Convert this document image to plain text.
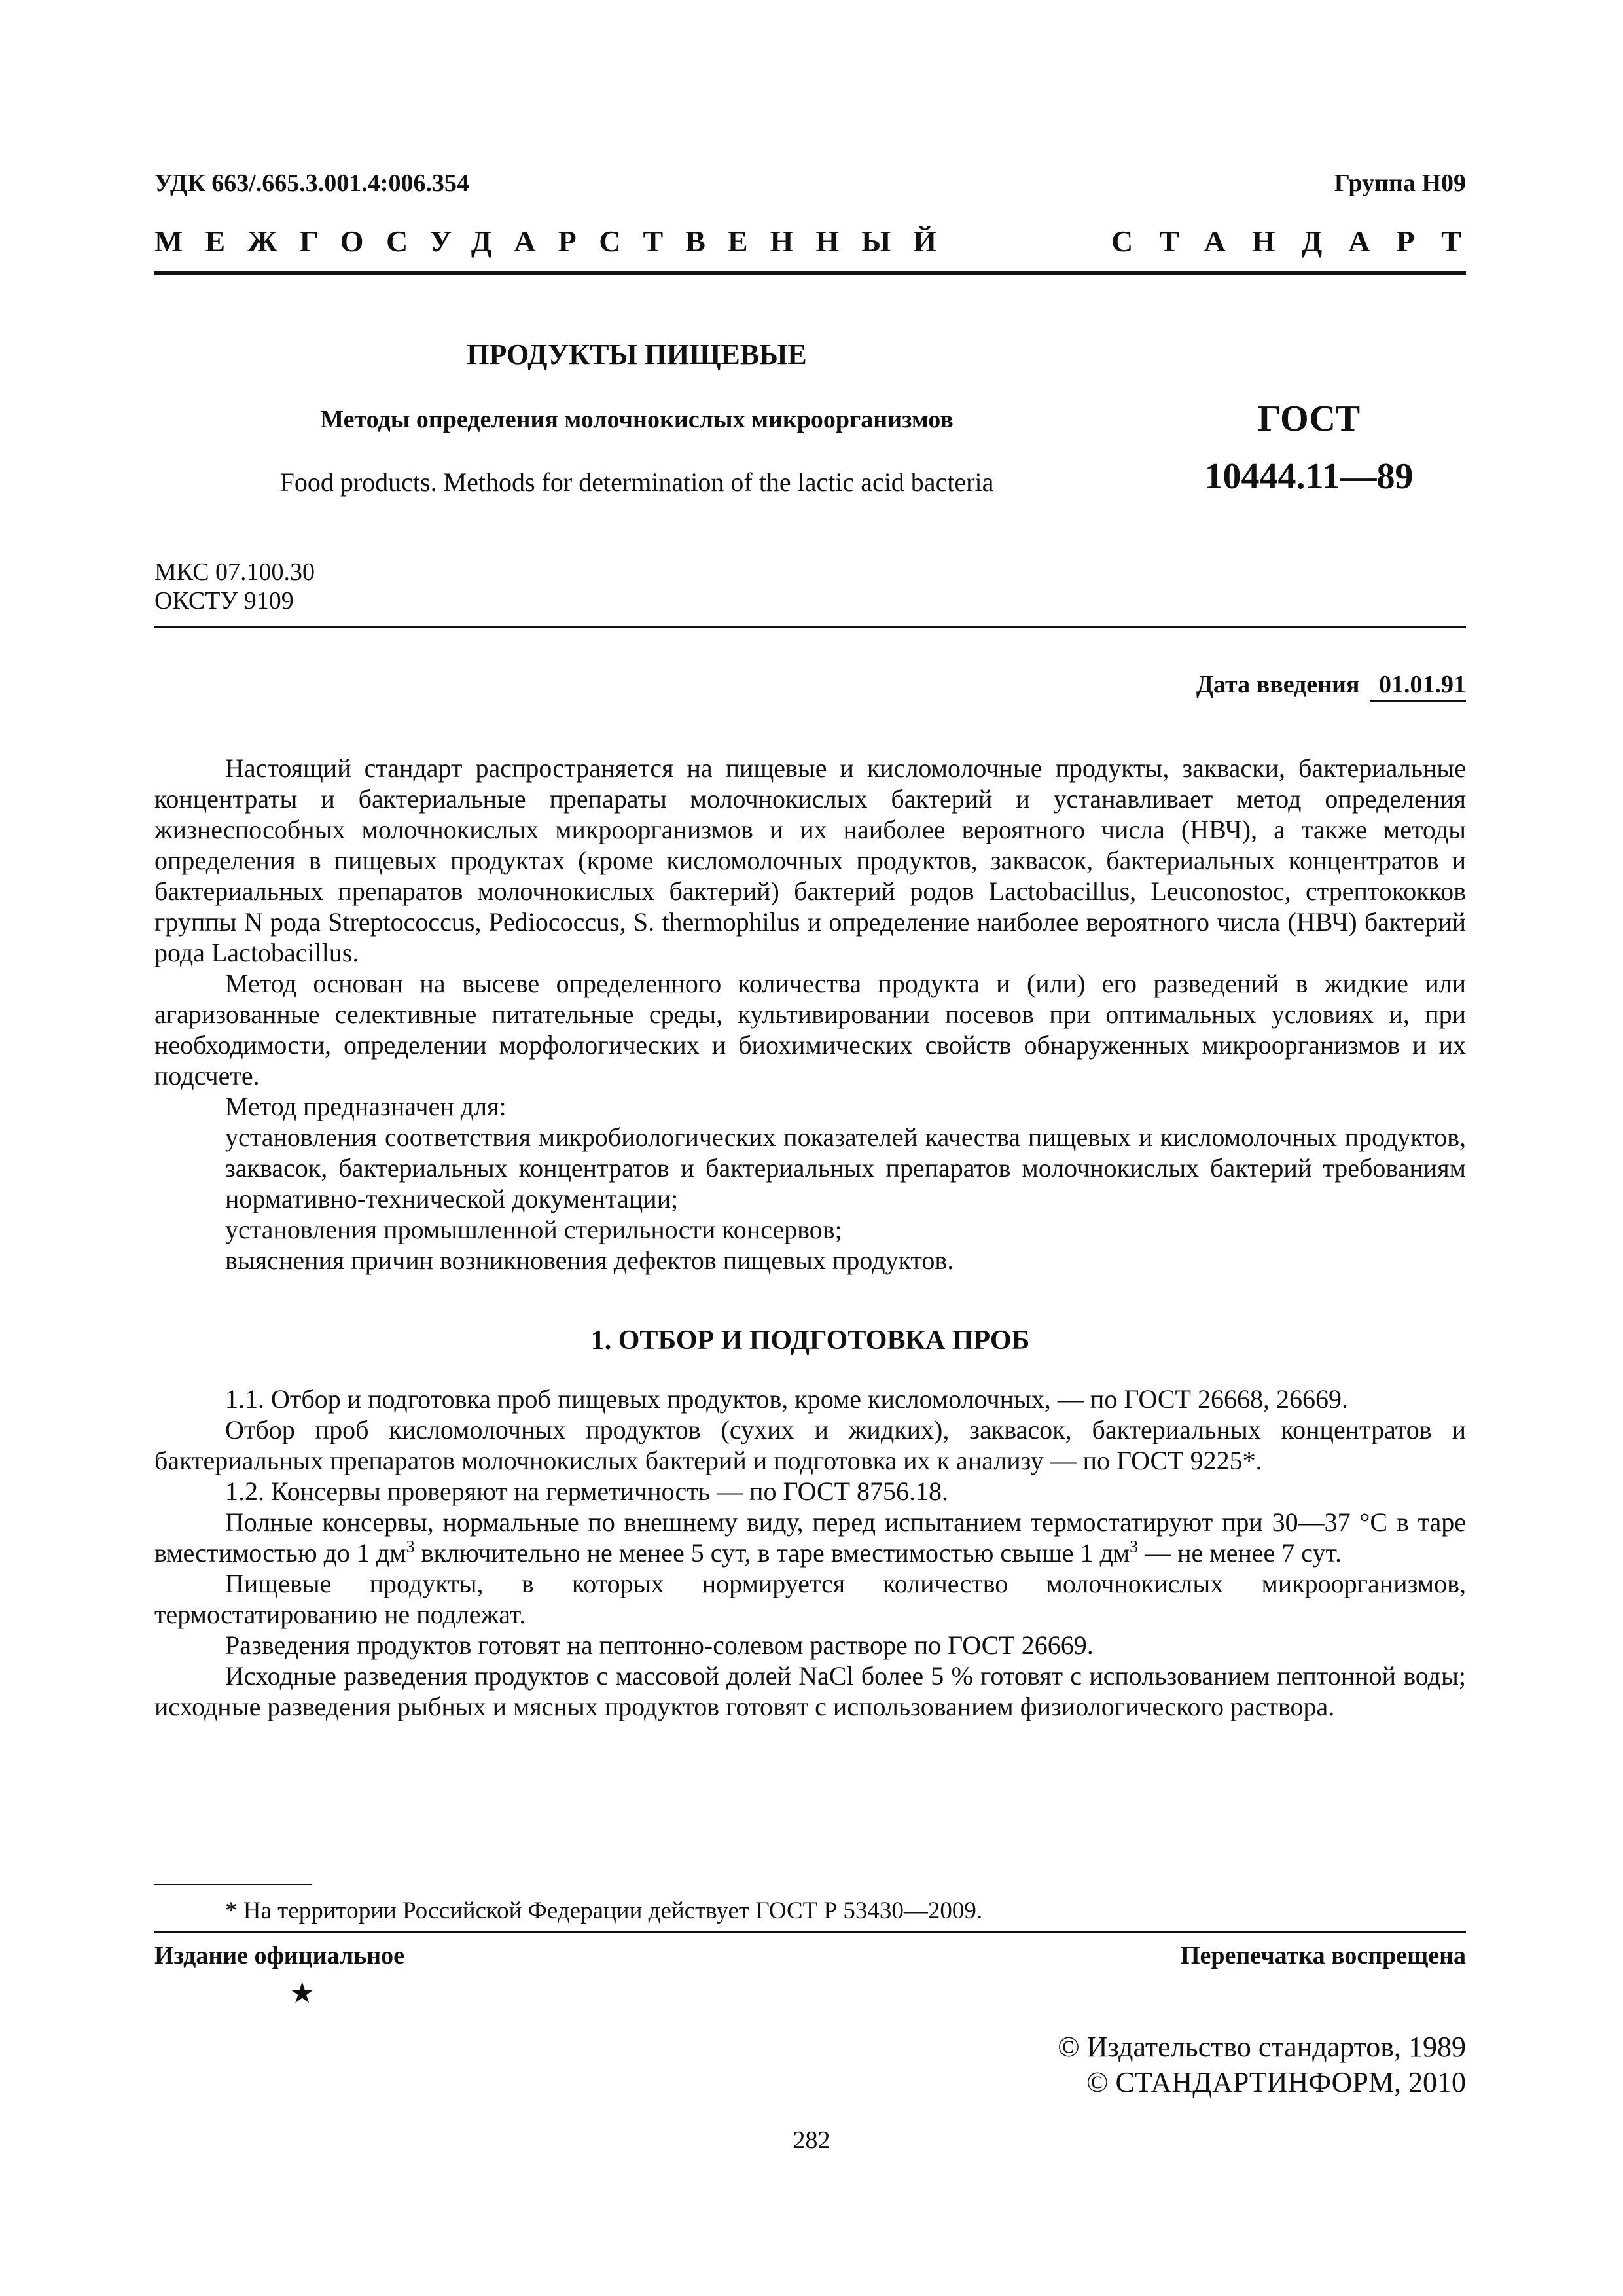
УДК 663/.665.3.001.4:006.354	Группа Н09
МЕЖГОСУДАРСТВЕННЫЙ	СТАНДАРТ
ПРОДУКТЫ ПИЩЕВЫЕ
Методы определения молочнокислых микроорганизмов
Food products. Methods for determination of the lactic acid bacteria
ГОСТ
10444.11—89
МКС 07.100.30
ОКСТУ 9109
Дата введения 01.01.91

Настоящий стандарт распространяется на пищевые и кисломолочные продукты, закваски, бактериальные концентраты и бактериальные препараты молочнокислых бактерий и устанавливает метод определения жизнеспособных молочнокислых микроорганизмов и их наиболее вероятного числа (НВЧ), а также методы определения в пищевых продуктах (кроме кисломолочных продуктов, заквасок, бактериальных концентратов и бактериальных препаратов молочнокислых бактерий) бактерий родов Lactobacillus, Leuconostoc, стрептококков группы N рода Streptococcus, Pediococcus, S. thermophilus и определение наиболее вероятного числа (НВЧ) бактерий рода Lactobacillus.

Метод основан на высеве определенного количества продукта и (или) его разведений в жидкие или агаризованные селективные питательные среды, культивировании посевов при оптимальных условиях и, при необходимости, определении морфологических и биохимических свойств обнаруженных микроорганизмов и их подсчете.

Метод предназначен для:

установления соответствия микробиологических показателей качества пищевых и кисломолочных продуктов, заквасок, бактериальных концентратов и бактериальных препаратов молочнокислых бактерий требованиям нормативно-технической документации;

установления промышленной стерильности консервов;

выяснения причин возникновения дефектов пищевых продуктов.

1. ОТБОР И ПОДГОТОВКА ПРОБ

1.1. Отбор и подготовка проб пищевых продуктов, кроме кисломолочных, — по ГОСТ 26668, 26669.

Отбор проб кисломолочных продуктов (сухих и жидких), заквасок, бактериальных концентратов и бактериальных препаратов молочнокислых бактерий и подготовка их к анализу — по ГОСТ 9225*.

1.2. Консервы проверяют на герметичность — по ГОСТ 8756.18.

Полные консервы, нормальные по внешнему виду, перед испытанием термостатируют при 30—37 °С в таре вместимостью до 1 $дм^3$ включительно не менее 5 сут, в таре вместимостью свыше 1 $дм^3$ — не менее 7 сут.

Пищевые продукты, в которых нормируется количество молочнокислых микроорганизмов, термостатированию не подлежат.

Разведения продуктов готовят на пептонно-солевом растворе по ГОСТ 26669.

Исходные разведения продуктов с массовой долей NaCl более 5 % готовят с использованием пептонной воды; исходные разведения рыбных и мясных продуктов готовят с использованием физиологического раствора.

* На территории Российской Федерации действует ГОСТ Р 53430—2009.
Издание официальное	Перепечатка воспрещена
★
© Издательство стандартов, 1989
© СТАНДАРТИНФОРМ, 2010
282
